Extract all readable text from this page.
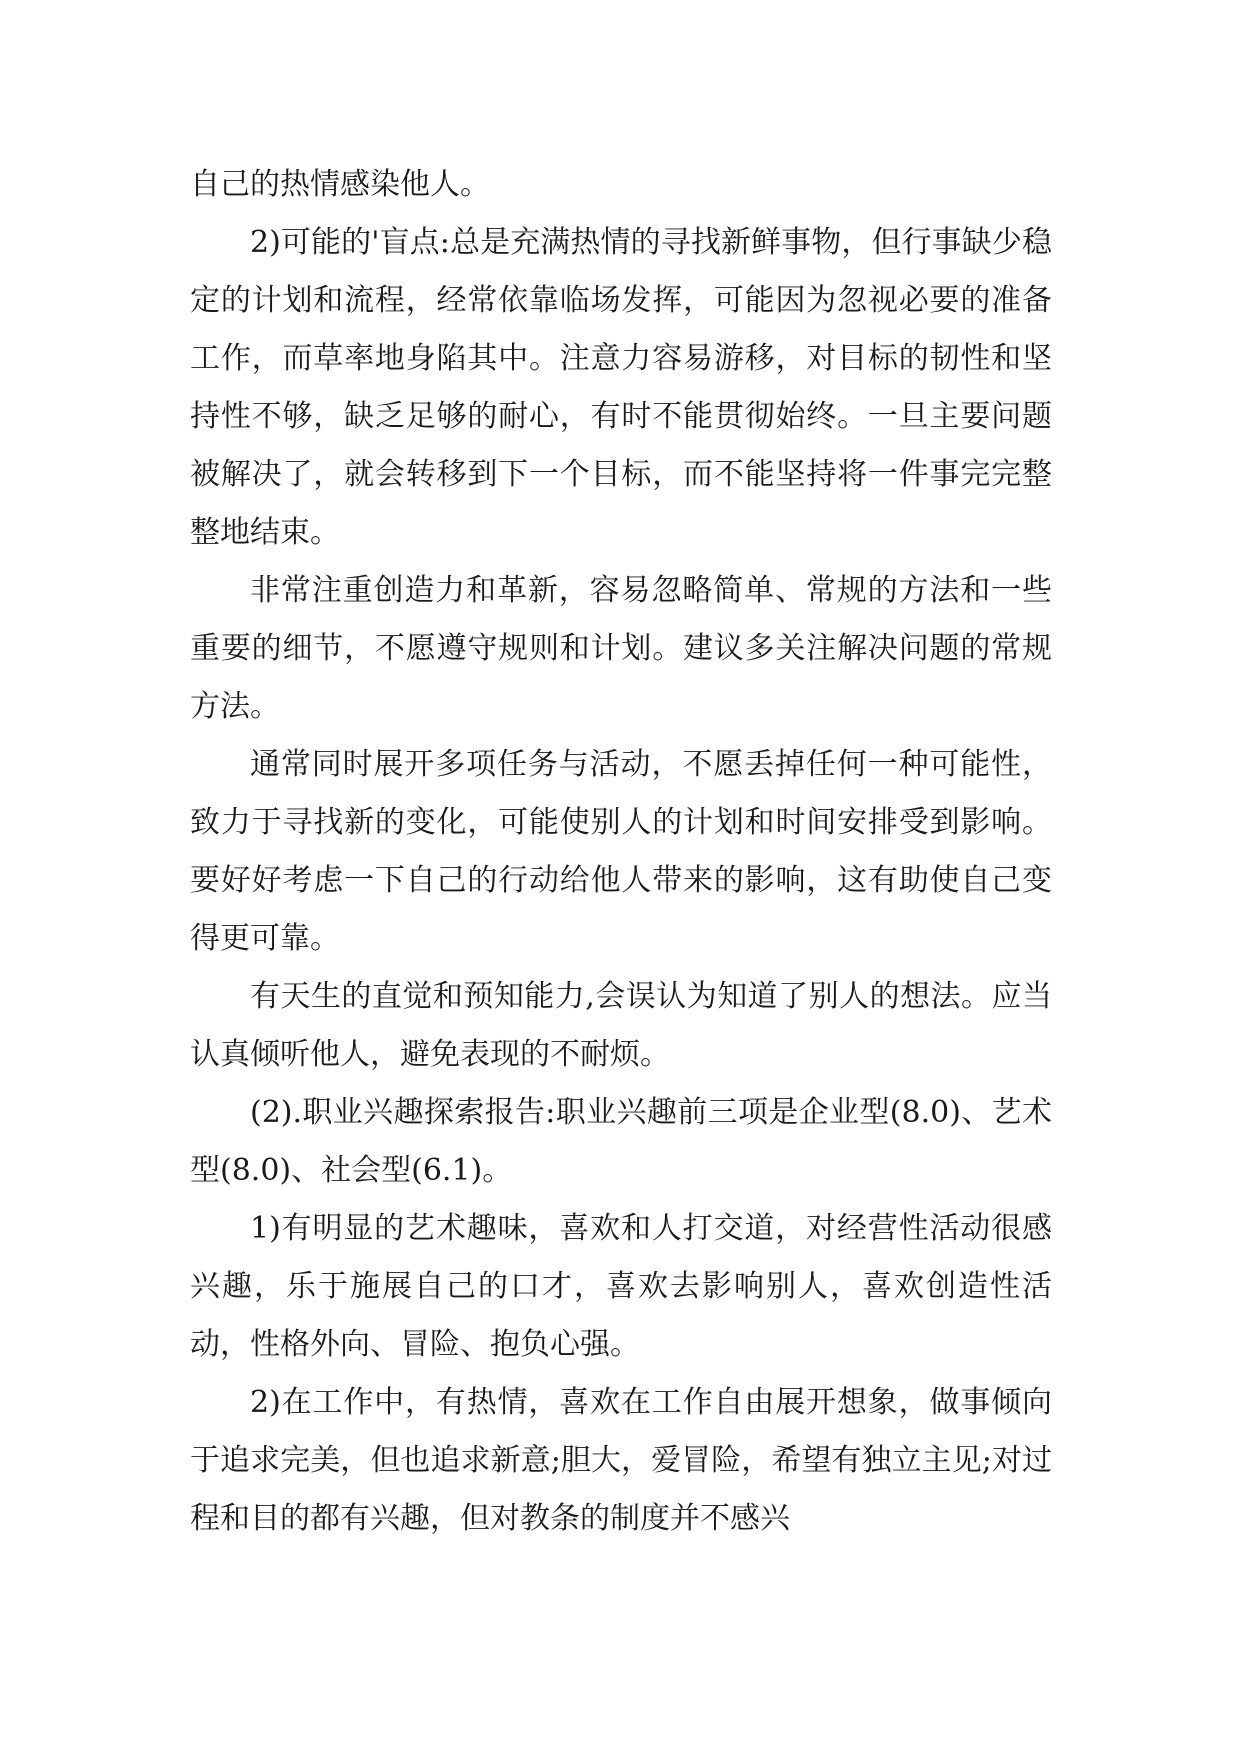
自己的热情感染他人。

2)可能的'盲点:总是充满热情的寻找新鲜事物，但行事缺少稳定的计划和流程，经常依靠临场发挥，可能因为忽视必要的准备工作，而草率地身陷其中。注意力容易游移，对目标的韧性和坚持性不够，缺乏足够的耐心，有时不能贯彻始终。一旦主要问题被解决了，就会转移到下一个目标，而不能坚持将一件事完完整整地结束。

非常注重创造力和革新，容易忽略简单、常规的方法和一些重要的细节，不愿遵守规则和计划。建议多关注解决问题的常规方法。

通常同时展开多项任务与活动，不愿丢掉任何一种可能性，致力于寻找新的变化，可能使别人的计划和时间安排受到影响。要好好考虑一下自己的行动给他人带来的影响，这有助使自己变得更可靠。

有天生的直觉和预知能力,会误认为知道了别人的想法。应当认真倾听他人，避免表现的不耐烦。

(2).职业兴趣探索报告:职业兴趣前三项是企业型(8.0)、艺术型(8.0)、社会型(6.1)。

1)有明显的艺术趣味，喜欢和人打交道，对经营性活动很感兴趣，乐于施展自己的口才，喜欢去影响别人，喜欢创造性活动，性格外向、冒险、抱负心强。

2)在工作中，有热情，喜欢在工作自由展开想象，做事倾向于追求完美，但也追求新意;胆大，爱冒险，希望有独立主见;对过程和目的都有兴趣，但对教条的制度并不感兴
